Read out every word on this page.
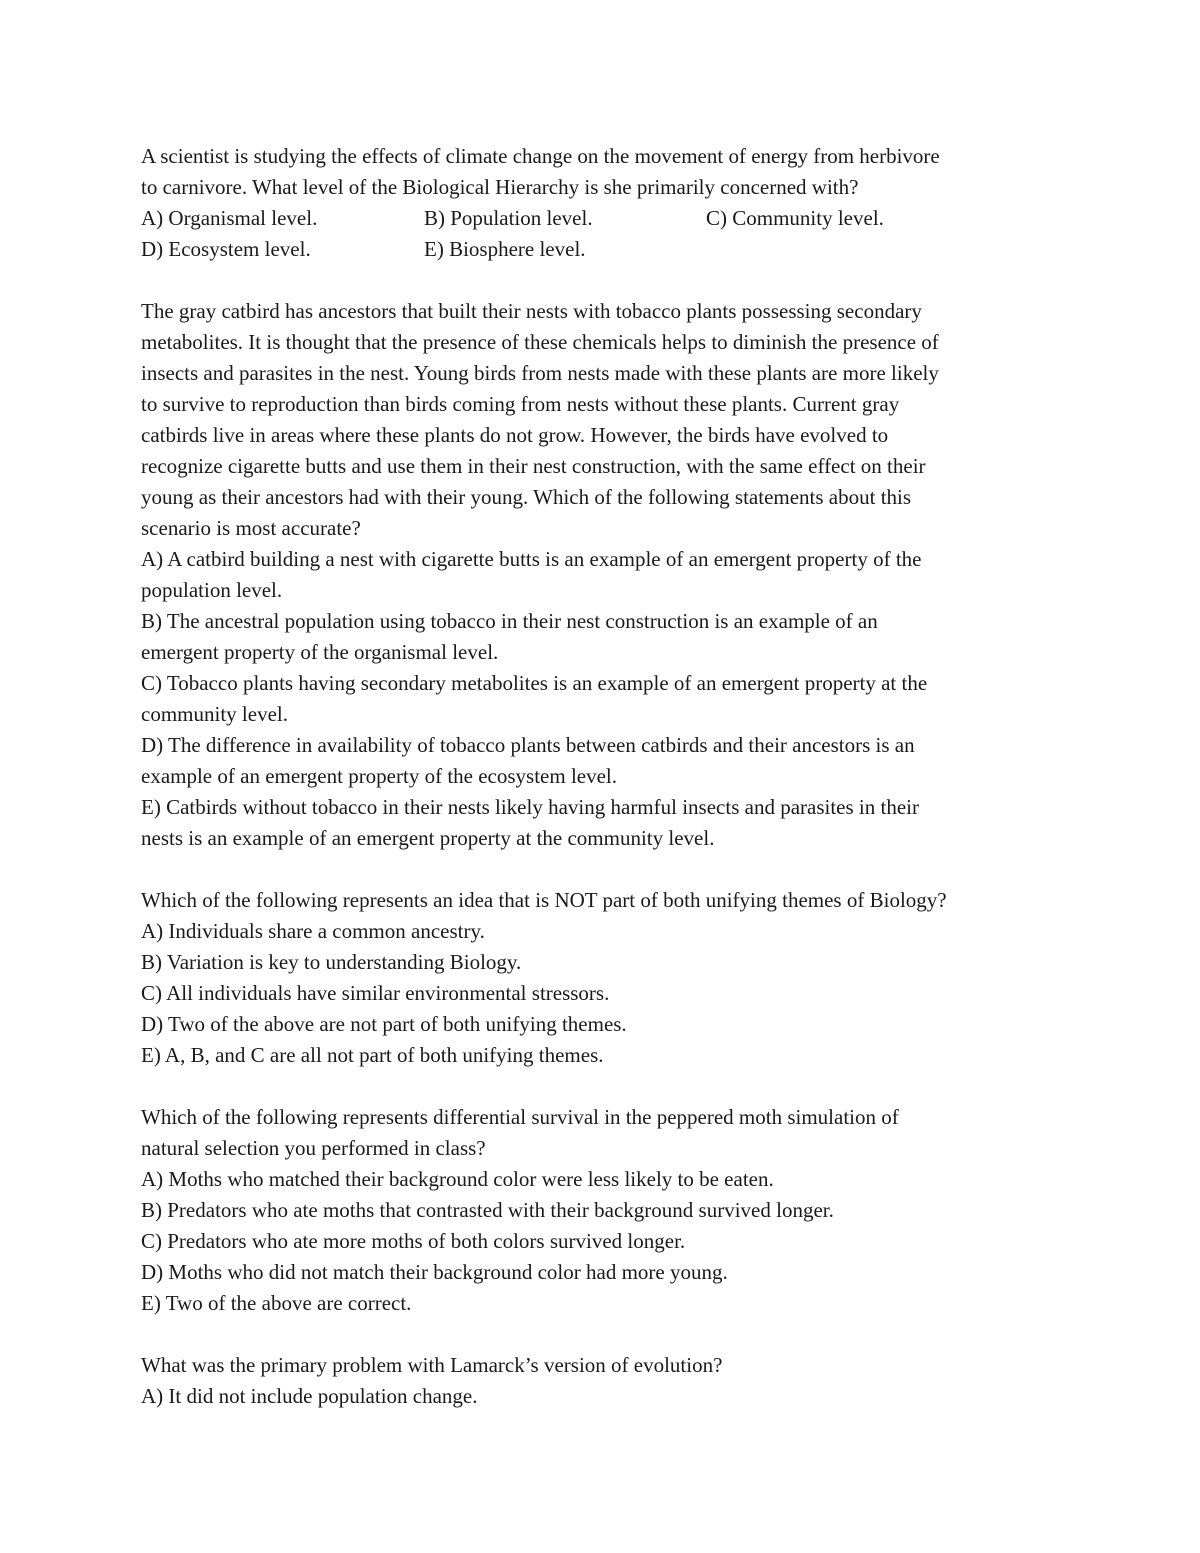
A scientist is studying the effects of climate change on the movement of energy from herbivore
to carnivore. What level of the Biological Hierarchy is she primarily concerned with?
A) Organismal level.	B) Population level.	C) Community level.
D) Ecosystem level.	E) Biosphere level.
The gray catbird has ancestors that built their nests with tobacco plants possessing secondary
metabolites. It is thought that the presence of these chemicals helps to diminish the presence of
insects and parasites in the nest. Young birds from nests made with these plants are more likely
to survive to reproduction than birds coming from nests without these plants. Current gray
catbirds live in areas where these plants do not grow. However, the birds have evolved to
recognize cigarette butts and use them in their nest construction, with the same effect on their
young as their ancestors had with their young. Which of the following statements about this
scenario is most accurate?
A) A catbird building a nest with cigarette butts is an example of an emergent property of the
population level.
B) The ancestral population using tobacco in their nest construction is an example of an
emergent property of the organismal level.
C) Tobacco plants having secondary metabolites is an example of an emergent property at the
community level.
D) The difference in availability of tobacco plants between catbirds and their ancestors is an
example of an emergent property of the ecosystem level.
E) Catbirds without tobacco in their nests likely having harmful insects and parasites in their
nests is an example of an emergent property at the community level.
Which of the following represents an idea that is NOT part of both unifying themes of Biology?
A) Individuals share a common ancestry.
B) Variation is key to understanding Biology.
C) All individuals have similar environmental stressors.
D) Two of the above are not part of both unifying themes.
E) A, B, and C are all not part of both unifying themes.
Which of the following represents differential survival in the peppered moth simulation of
natural selection you performed in class?
A) Moths who matched their background color were less likely to be eaten.
B) Predators who ate moths that contrasted with their background survived longer.
C) Predators who ate more moths of both colors survived longer.
D) Moths who did not match their background color had more young.
E) Two of the above are correct.
What was the primary problem with Lamarck’s version of evolution?
A) It did not include population change.
